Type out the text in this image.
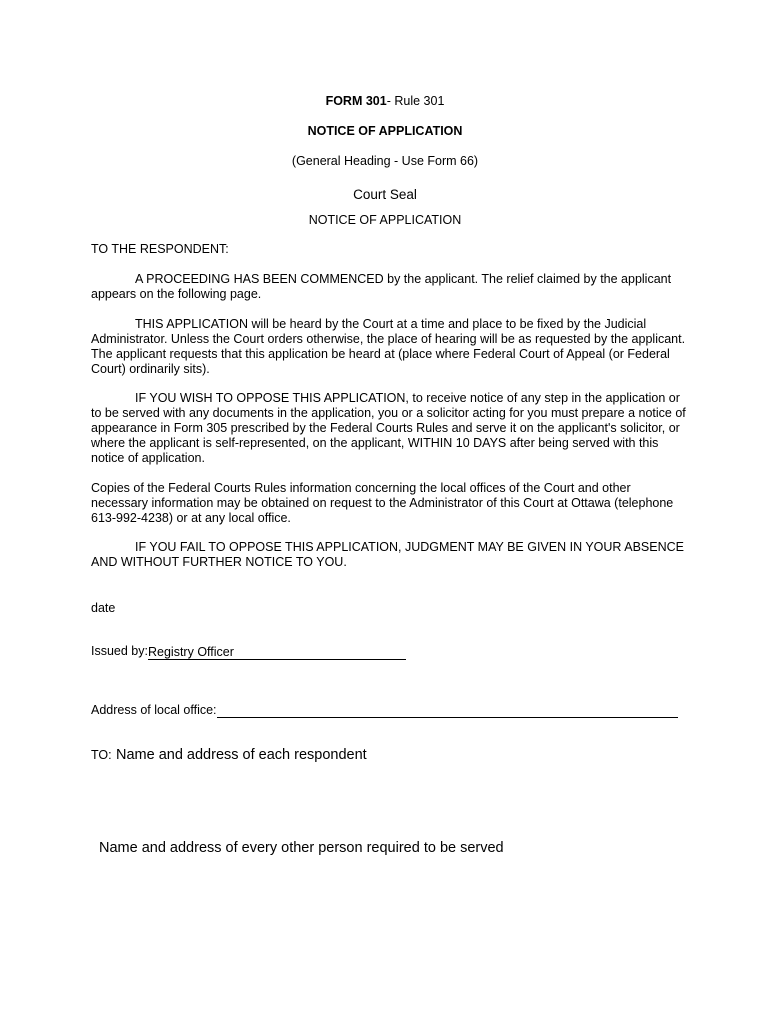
FORM 301- Rule 301
NOTICE OF APPLICATION
(General Heading - Use Form 66)
Court Seal
NOTICE OF APPLICATION
TO THE RESPONDENT:

A PROCEEDING HAS BEEN COMMENCED by the applicant. The relief claimed by the applicant appears on the following page.

THIS APPLICATION will be heard by the Court at a time and place to be fixed by the Judicial Administrator. Unless the Court orders otherwise, the place of hearing will be as requested by the applicant. The applicant requests that this application be heard at (place where Federal Court of Appeal (or Federal Court) ordinarily sits).

IF YOU WISH TO OPPOSE THIS APPLICATION, to receive notice of any step in the application or to be served with any documents in the application, you or a solicitor acting for you must prepare a notice of appearance in Form 305 prescribed by the Federal Courts Rules and serve it on the applicant's solicitor, or where the applicant is self-represented, on the applicant, WITHIN 10 DAYS after being served with this notice of application.

Copies of the Federal Courts Rules information concerning the local offices of the Court and other necessary information may be obtained on request to the Administrator of this Court at Ottawa (telephone 613-992-4238) or at any local office.

IF YOU FAIL TO OPPOSE THIS APPLICATION, JUDGMENT MAY BE GIVEN IN YOUR ABSENCE AND WITHOUT FURTHER NOTICE TO YOU.

date
Issued by: Registry Officer
Address of local office:
TO: Name and address of each respondent
Name and address of every other person required to be served
